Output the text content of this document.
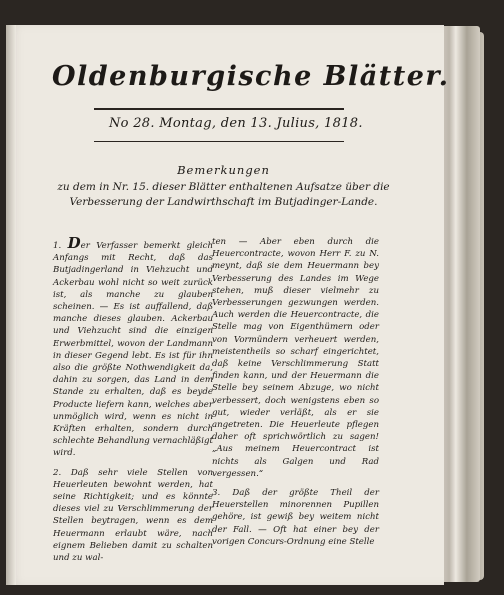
Oldenburgische Blätter.
No 28. Montag, den 13. Julius, 1818.
Bemerkungen
zu dem in Nr. 15. dieser Blätter enthaltenen Aufsatze über die
Verbesserung der Landwirthschaft im Butjadinger-Lande.

1. Der Verfasser bemerkt gleich Anfangs mit Recht, daß das Butjadingerland in Viehzucht und Ackerbau wohl nicht so weit zurück ist, als manche zu glauben scheinen. — Es ist auffallend, daß manche dieses glauben. Ackerbau und Viehzucht sind die einzigen Erwerbmittel, wovon der Landmann in dieser Gegend lebt. Es ist für ihn also die größte Nothwendigkeit da, dahin zu sorgen, das Land in dem Stande zu erhalten, daß es beyde Producte liefern kann, welches aber unmöglich wird, wenn es nicht in Kräften erhalten, sondern durch schlechte Behandlung vernachläßigt wird.

2. Daß sehr viele Stellen von Heuerleuten bewohnt werden, hat seine Richtigkeit; und es könnte dieses viel zu Verschlimmerung der Stellen beytragen, wenn es dem Heuermann erlaubt wäre, nach eignem Belieben damit zu schalten und zu wal-

ten — Aber eben durch die Heuercontracte, wovon Herr F. zu N. meynt, daß sie dem Heuermann bey Verbesserung des Landes im Wege stehen, muß dieser vielmehr zu Verbesserungen gezwungen werden. Auch werden die Heuercontracte, die Stelle mag von Eigenthümern oder von Vormündern verheuert werden, meistentheils so scharf eingerichtet, daß keine Verschlimmerung Statt finden kann, und der Heuermann die Stelle bey seinem Abzuge, wo nicht verbessert, doch wenigstens eben so gut, wieder verläßt, als er sie angetreten. Die Heuerleute pflegen daher oft sprichwörtlich zu sagen! „Aus meinem Heuercontract ist nichts als Galgen und Rad vergessen.“

3. Daß der größte Theil der Heuerstellen minorennen Pupillen gehöre, ist gewiß bey weitem nicht der Fall. — Oft hat einer bey der vorigen Concurs-Ordnung eine Stelle
